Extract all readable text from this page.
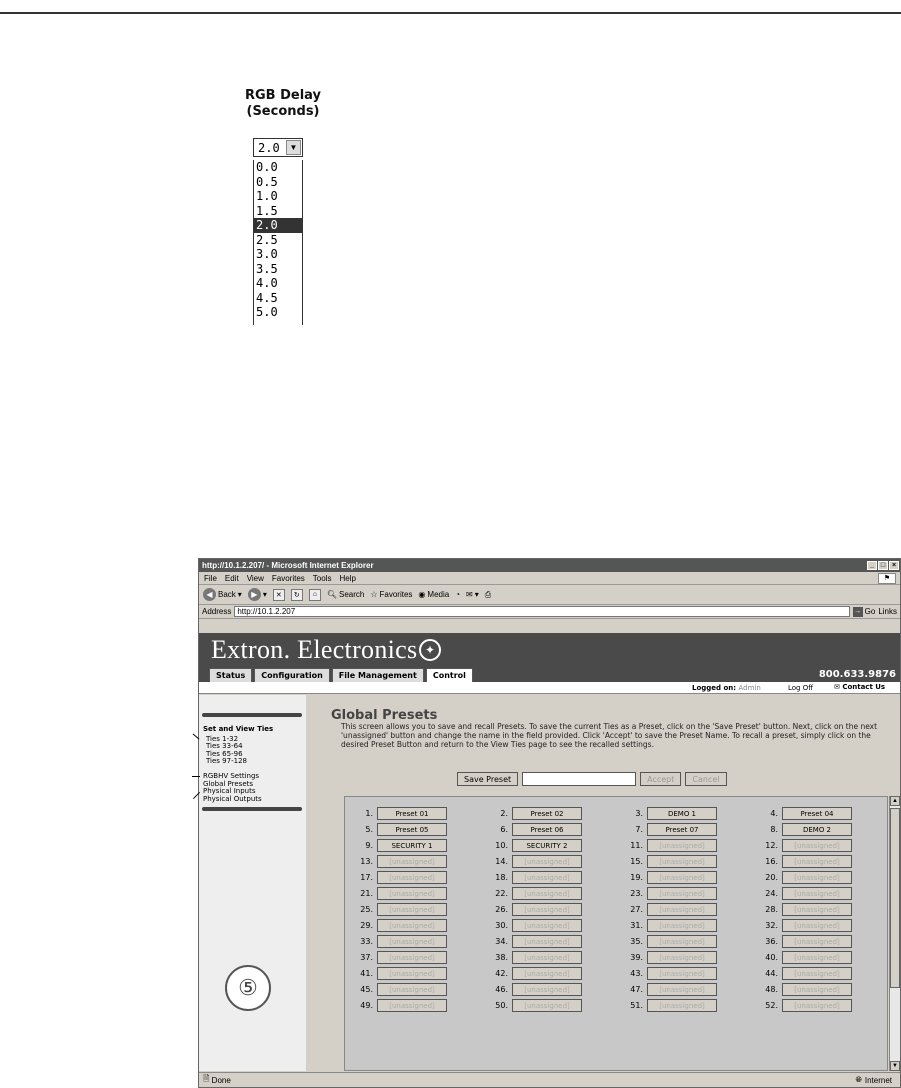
RGB Delay
(Seconds)
2.0	▼
0.0
0.5
1.0
1.5
2.0
2.5
3.0
3.5
4.0
4.5
5.0
http://10.1.2.207/ - Microsoft Internet Explorer	_ □ ×
File Edit View Favorites Tools Help	⚑
◀ Back ▾	▶ ▾	✕	↻	⌂	🔍︎ Search ☆ Favorites ◉ Media ◔ ✉ ▾ ⎙
Address http://10.1.2.207	→ Go Links
Extron. Electronics ✦
Status	Configuration	File Management	Control	800.633.9876
Logged on: Admin	Log Off	✉ Contact Us
⑤
Set and View Ties
Ties 1-32
Ties 33-64
Ties 65-96
Ties 97-128
RGBHV Settings
Global Presets
Physical Inputs
Physical Outputs
Global Presets
This screen allows you to save and recall Presets. To save the current Ties as a Preset, click on the 'Save Preset' button. Next, click on the next 'unassigned' button and change the name in the field provided. Click 'Accept' to save the Preset Name. To recall a preset, simply click on the desired Preset Button and return to the View Ties page to see the recalled settings.
Save Preset	Accept	Cancel
1.	Preset 01	2.	Preset 02	3.	DEMO 1	4.	Preset 04
5.	Preset 05	6.	Preset 06	7.	Preset 07	8.	DEMO 2
9.	SECURITY 1	10.	SECURITY 2	11.	[unassigned]	12.	[unassigned]
13.	[unassigned]	14.	[unassigned]	15.	[unassigned]	16.	[unassigned]
17.	[unassigned]	18.	[unassigned]	19.	[unassigned]	20.	[unassigned]
21.	[unassigned]	22.	[unassigned]	23.	[unassigned]	24.	[unassigned]
25.	[unassigned]	26.	[unassigned]	27.	[unassigned]	28.	[unassigned]
29.	[unassigned]	30.	[unassigned]	31.	[unassigned]	32.	[unassigned]
33.	[unassigned]	34.	[unassigned]	35.	[unassigned]	36.	[unassigned]
37.	[unassigned]	38.	[unassigned]	39.	[unassigned]	40.	[unassigned]
41.	[unassigned]	42.	[unassigned]	43.	[unassigned]	44.	[unassigned]
45.	[unassigned]	46.	[unassigned]	47.	[unassigned]	48.	[unassigned]
49.	[unassigned]	50.	[unassigned]	51.	[unassigned]	52.	[unassigned]
▲
▼
🗎︎
Done	🌐︎ Internet
